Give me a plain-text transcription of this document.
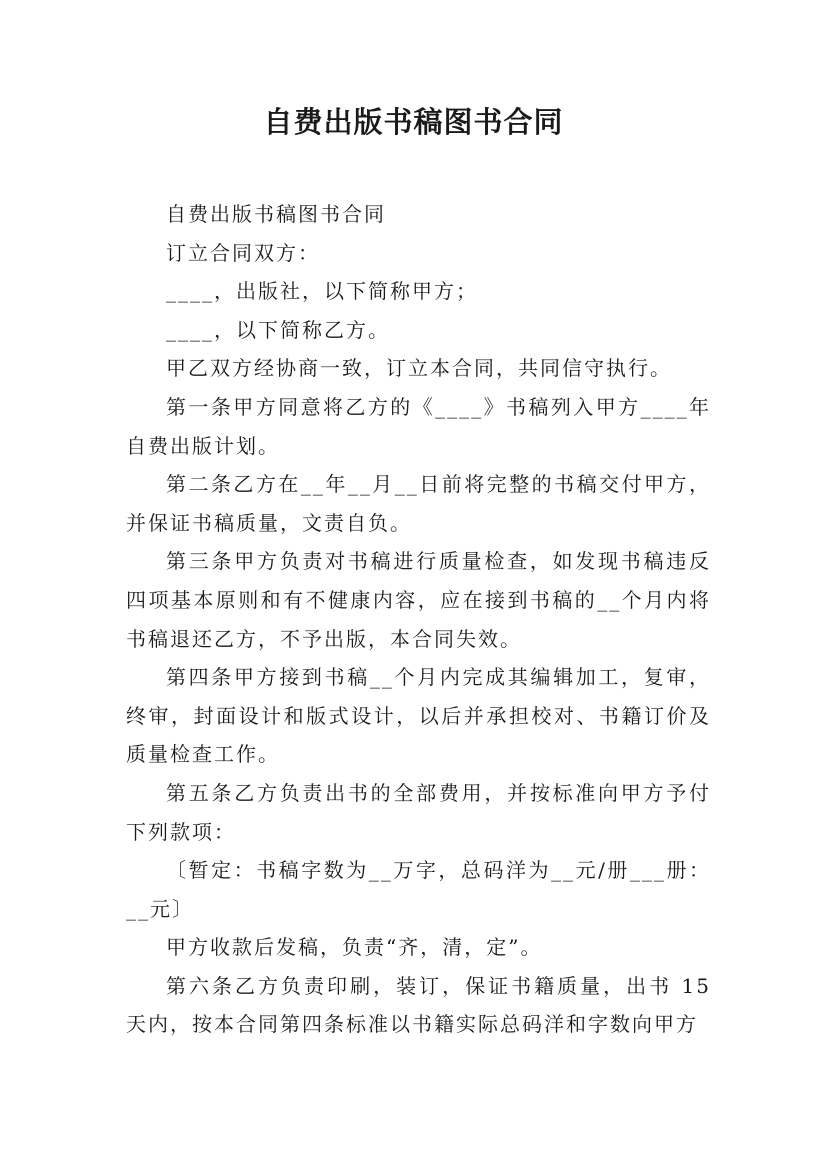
自费出版书稿图书合同

自费出版书稿图书合同

订立合同双方：

____，出版社，以下简称甲方；

____，以下简称乙方。

甲乙双方经协商一致，订立本合同，共同信守执行。

第一条甲方同意将乙方的《____》书稿列入甲方____年自费出版计划。

第二条乙方在__年__月__日前将完整的书稿交付甲方，并保证书稿质量，文责自负。

第三条甲方负责对书稿进行质量检查，如发现书稿违反四项基本原则和有不健康内容，应在接到书稿的__个月内将书稿退还乙方，不予出版，本合同失效。

第四条甲方接到书稿__个月内完成其编辑加工，复审，终审，封面设计和版式设计，以后并承担校对、书籍订价及质量检查工作。

第五条乙方负责出书的全部费用，并按标准向甲方予付下列款项：

〔暂定：书稿字数为__万字，总码洋为__元/册___册：__元〕

甲方收款后发稿，负责“齐，清，定”。

第六条乙方负责印刷，装订，保证书籍质量，出书 15 天内，按本合同第四条标准以书籍实际总码洋和字数向甲方
